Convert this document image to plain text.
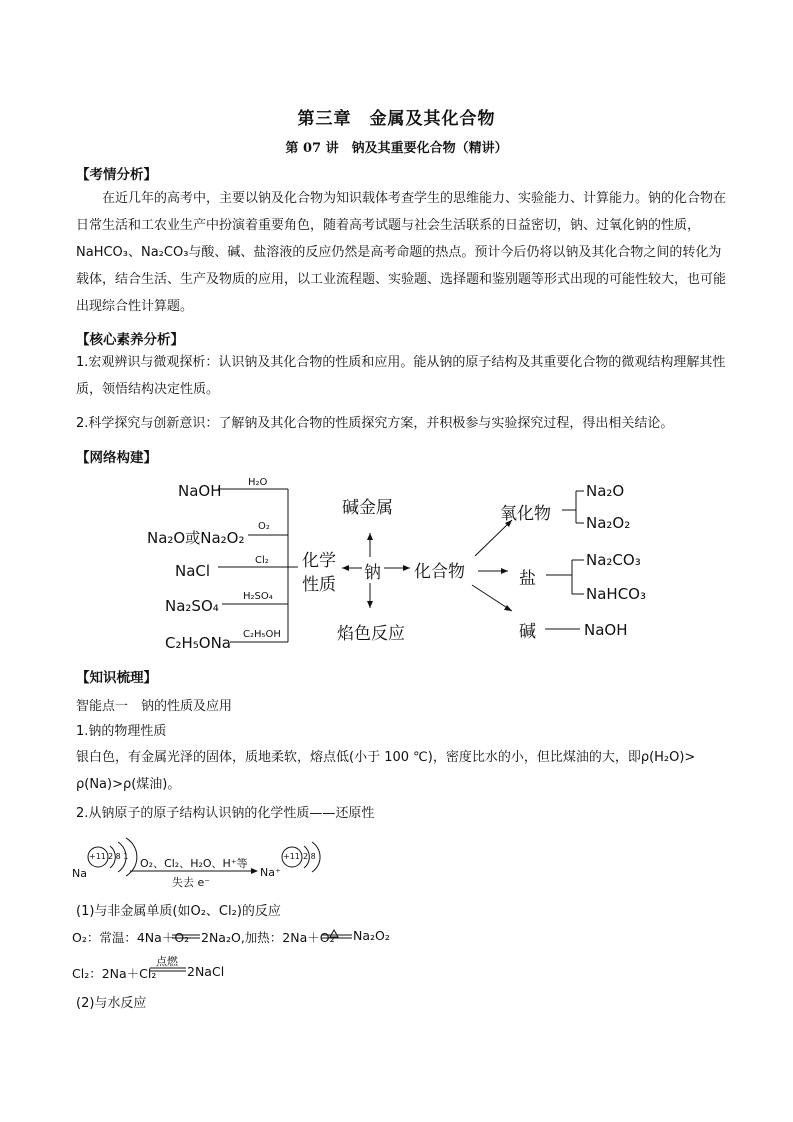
第三章　金属及其化合物
第 07 讲　钠及其重要化合物（精讲）
【考情分析】

在近几年的高考中，主要以钠及化合物为知识载体考查学生的思维能力、实验能力、计算能力。钠的化合物在日常生活和工农业生产中扮演着重要角色，随着高考试题与社会生活联系的日益密切，钠、过氧化钠的性质，NaHCO₃、Na₂CO₃与酸、碱、盐溶液的反应仍然是高考命题的热点。预计今后仍将以钠及其化合物之间的转化为载体，结合生活、生产及物质的应用，以工业流程题、实验题、选择题和鉴别题等形式出现的可能性较大，也可能出现综合性计算题。

【核心素养分析】

1.宏观辨识与微观探析：认识钠及其化合物的性质和应用。能从钠的原子结构及其重要化合物的微观结构理解其性质，领悟结构决定性质。

2.科学探究与创新意识：了解钠及其化合物的性质探究方案，并积极参与实验探究过程，得出相关结论。

【网络构建】
NaOH
Na₂O或Na₂O₂
NaCl
Na₂SO₄
C₂H₅ONa
H₂O
O₂
Cl₂
H₂SO₄
C₂H₅OH
化学
性质
钠
碱金属
焰色反应
化合物
氧化物
Na₂O
Na₂O₂
盐
Na₂CO₃
NaHCO₃
碱	NaOH
【知识梳理】
智能点一　钠的性质及应用
1.钠的物理性质
银白色，有金属光泽的固体，质地柔软，熔点低(小于 100 ℃)，密度比水的小，但比煤油的大，即ρ(H₂O)>
ρ(Na)>ρ(煤油)。
2.从钠原子的原子结构认识钠的化学性质——还原性
Na
+11 2 8 1
O₂、Cl₂、H₂O、H⁺等
失去 e⁻
Na⁺
+11 2 8
(1)与非金属单质(如O₂、Cl₂)的反应
O₂：常温：4Na＋O₂ 2Na₂O,加热：2Na＋O₂ Na₂O₂
Cl₂：2Na＋Cl₂
点燃
2NaCl
(2)与水反应
